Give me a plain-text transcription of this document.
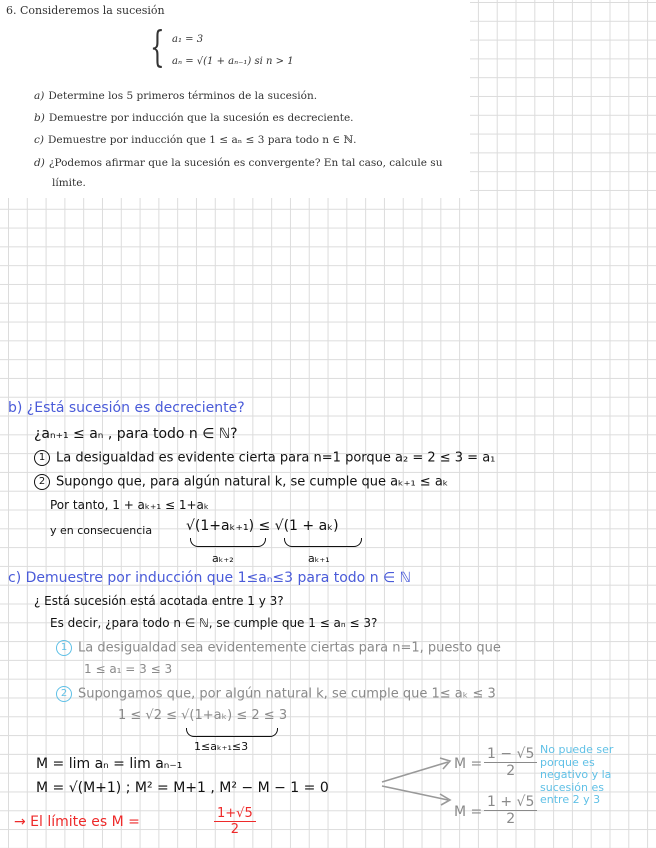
6. Consideremos la sucesión
{ a₁ = 3
aₙ = √(1 + aₙ₋₁) si n > 1
a) Determine los 5 primeros términos de la sucesión.
b) Demuestre por inducción que la sucesión es decreciente.
c) Demuestre por inducción que 1 ≤ aₙ ≤ 3 para todo n ∈ ℕ.
d) ¿Podemos afirmar que la sucesión es convergente? En tal caso, calcule su
límite.
b) ¿Está sucesión es decreciente?
¿aₙ₊₁ ≤ aₙ , para todo n ∈ ℕ?
1 La desigualdad es evidente cierta para n=1 porque a₂ = 2 ≤ 3 = a₁
2 Supongo que, para algún natural k, se cumple que aₖ₊₁ ≤ aₖ
Por tanto, 1 + aₖ₊₁ ≤ 1+aₖ
y en consecuencia √(1+aₖ₊₁) ≤ √(1 + aₖ)
aₖ₊₂	aₖ₊₁
c) Demuestre por inducción que 1≤aₙ≤3 para todo n ∈ ℕ
¿ Está sucesión está acotada entre 1 y 3?
Es decir, ¿para todo n ∈ ℕ, se cumple que 1 ≤ aₙ ≤ 3?
1 La desigualdad sea evidentemente ciertas para n=1, puesto que
1 ≤ a₁ = 3 ≤ 3
2 Supongamos que, por algún natural k, se cumple que 1≤ aₖ ≤ 3
1 ≤ √2 ≤ √(1+aₖ) ≤ 2 ≤ 3
1≤aₖ₊₁≤3
M = lim aₙ = lim aₙ₋₁
M = √(M+1) ; M² = M+1 , M² − M − 1 = 0
$M = \frac{1 - √5}{2}$
$M = \frac{1 + √5}{2}$
No puede ser
porque es
negativo y la
sucesión es
entre 2 y 3
→ El límite es M =	$\frac{1+√5}{2}$
